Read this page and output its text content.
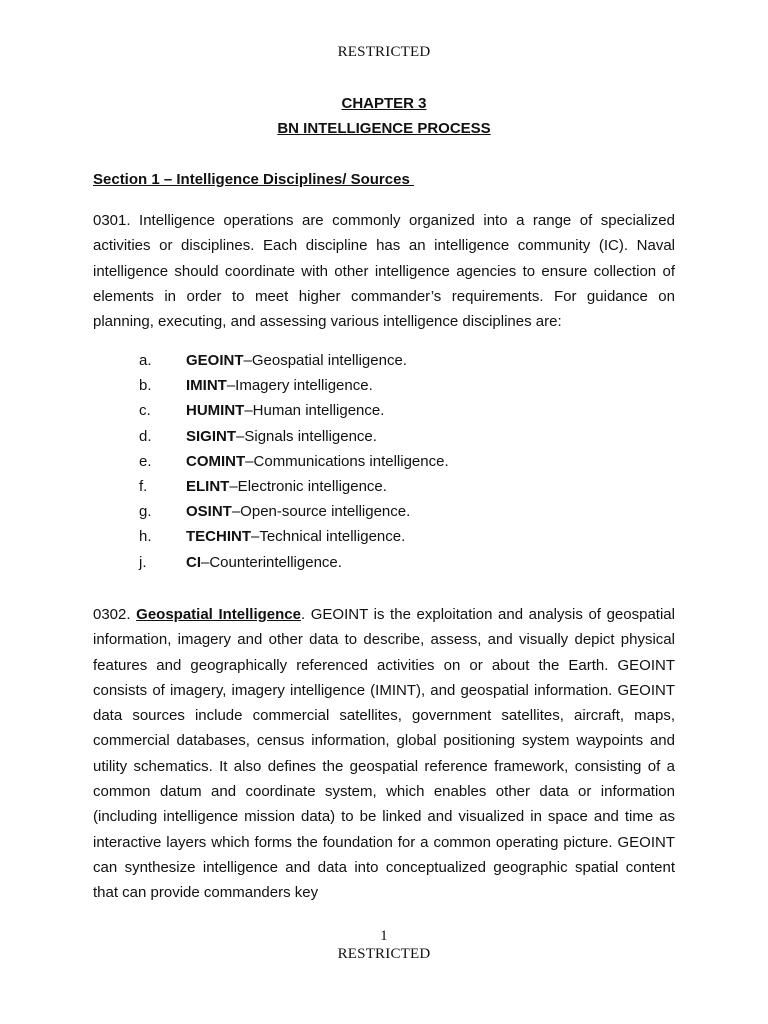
RESTRICTED
CHAPTER 3
BN INTELLIGENCE PROCESS
Section 1 – Intelligence Disciplines/ Sources

0301. Intelligence operations are commonly organized into a range of specialized activities or disciplines. Each discipline has an intelligence community (IC). Naval intelligence should coordinate with other intelligence agencies to ensure collection of elements in order to meet higher commander’s requirements. For guidance on planning, executing, and assessing various intelligence disciplines are:

a. GEOINT–Geospatial intelligence.
b. IMINT–Imagery intelligence.
c. HUMINT–Human intelligence.
d. SIGINT–Signals intelligence.
e. COMINT–Communications intelligence.
f.	ELINT–Electronic intelligence.
g. OSINT–Open-source intelligence.
h. TECHINT–Technical intelligence.
j.	CI–Counterintelligence.

0302. Geospatial Intelligence. GEOINT is the exploitation and analysis of geospatial information, imagery and other data to describe, assess, and visually depict physical features and geographically referenced activities on or about the Earth. GEOINT consists of imagery, imagery intelligence (IMINT), and geospatial information. GEOINT data sources include commercial satellites, government satellites, aircraft, maps, commercial databases, census information, global positioning system waypoints and utility schematics. It also defines the geospatial reference framework, consisting of a common datum and coordinate system, which enables other data or information (including intelligence mission data) to be linked and visualized in space and time as interactive layers which forms the foundation for a common operating picture. GEOINT can synthesize intelligence and data into conceptualized geographic spatial content that can provide commanders key

1
RESTRICTED
